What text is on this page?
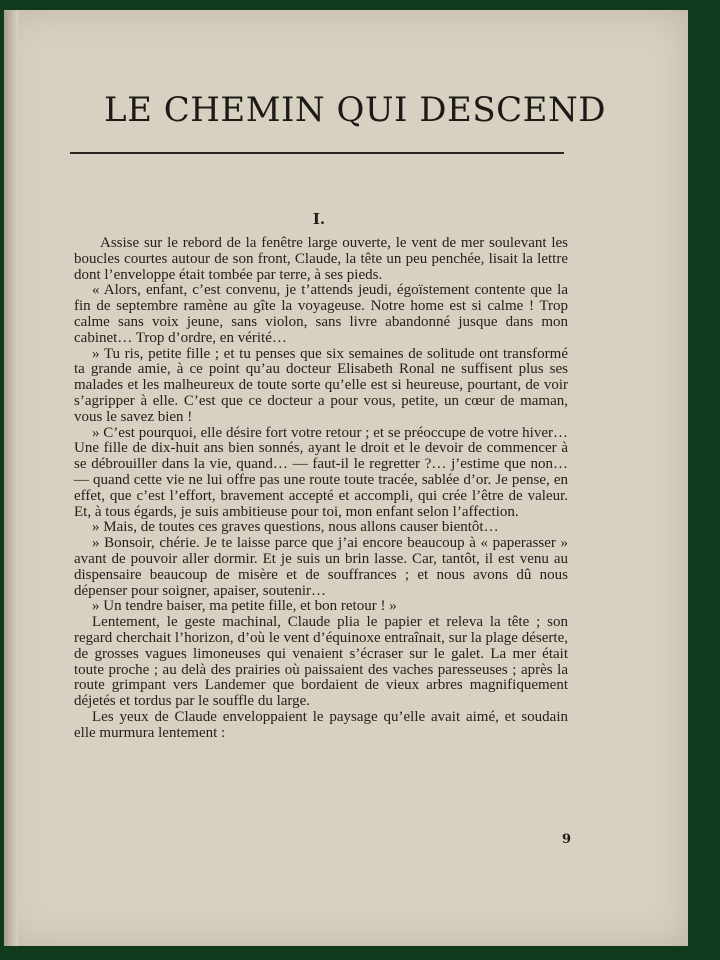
LE CHEMIN QUI DESCEND
I.

Assise sur le rebord de la fenêtre large ouverte, le vent de mer soulevant les boucles courtes autour de son front, Claude, la tête un peu penchée, lisait la lettre dont l’enveloppe était tombée par terre, à ses pieds.

« Alors, enfant, c’est convenu, je t’attends jeudi, égoïstement contente que la fin de septembre ramène au gîte la voyageuse. Notre home est si calme ! Trop calme sans voix jeune, sans violon, sans livre abandonné jusque dans mon cabinet… Trop d’ordre, en vérité…

» Tu ris, petite fille ; et tu penses que six semaines de solitude ont transformé ta grande amie, à ce point qu’au docteur Elisabeth Ronal ne suffisent plus ses malades et les malheureux de toute sorte qu’elle est si heureuse, pourtant, de voir s’agripper à elle. C’est que ce docteur a pour vous, petite, un cœur de maman, vous le savez bien !

» C’est pourquoi, elle désire fort votre retour ; et se préoccupe de votre hiver… Une fille de dix-huit ans bien sonnés, ayant le droit et le devoir de commencer à se débrouiller dans la vie, quand… — faut-il le regretter ?… j’estime que non… — quand cette vie ne lui offre pas une route toute tracée, sablée d’or. Je pense, en effet, que c’est l’effort, bravement accepté et accompli, qui crée l’être de valeur. Et, à tous égards, je suis ambitieuse pour toi, mon enfant selon l’affection.

» Mais, de toutes ces graves questions, nous allons causer bientôt…

» Bonsoir, chérie. Je te laisse parce que j’ai encore beaucoup à « paperasser » avant de pouvoir aller dormir. Et je suis un brin lasse. Car, tantôt, il est venu au dispensaire beaucoup de misère et de souffrances ; et nous avons dû nous dépenser pour soigner, apaiser, soutenir…

» Un tendre baiser, ma petite fille, et bon retour ! »

Lentement, le geste machinal, Claude plia le papier et releva la tête ; son regard cherchait l’horizon, d’où le vent d’équinoxe entraînait, sur la plage déserte, de grosses vagues limoneuses qui venaient s’écraser sur le galet. La mer était toute proche ; au delà des prairies où paissaient des vaches paresseuses ; après la route grimpant vers Landemer que bordaient de vieux arbres magnifiquement déjetés et tordus par le souffle du large.

Les yeux de Claude enveloppaient le paysage qu’elle avait aimé, et soudain elle murmura lentement :

9
